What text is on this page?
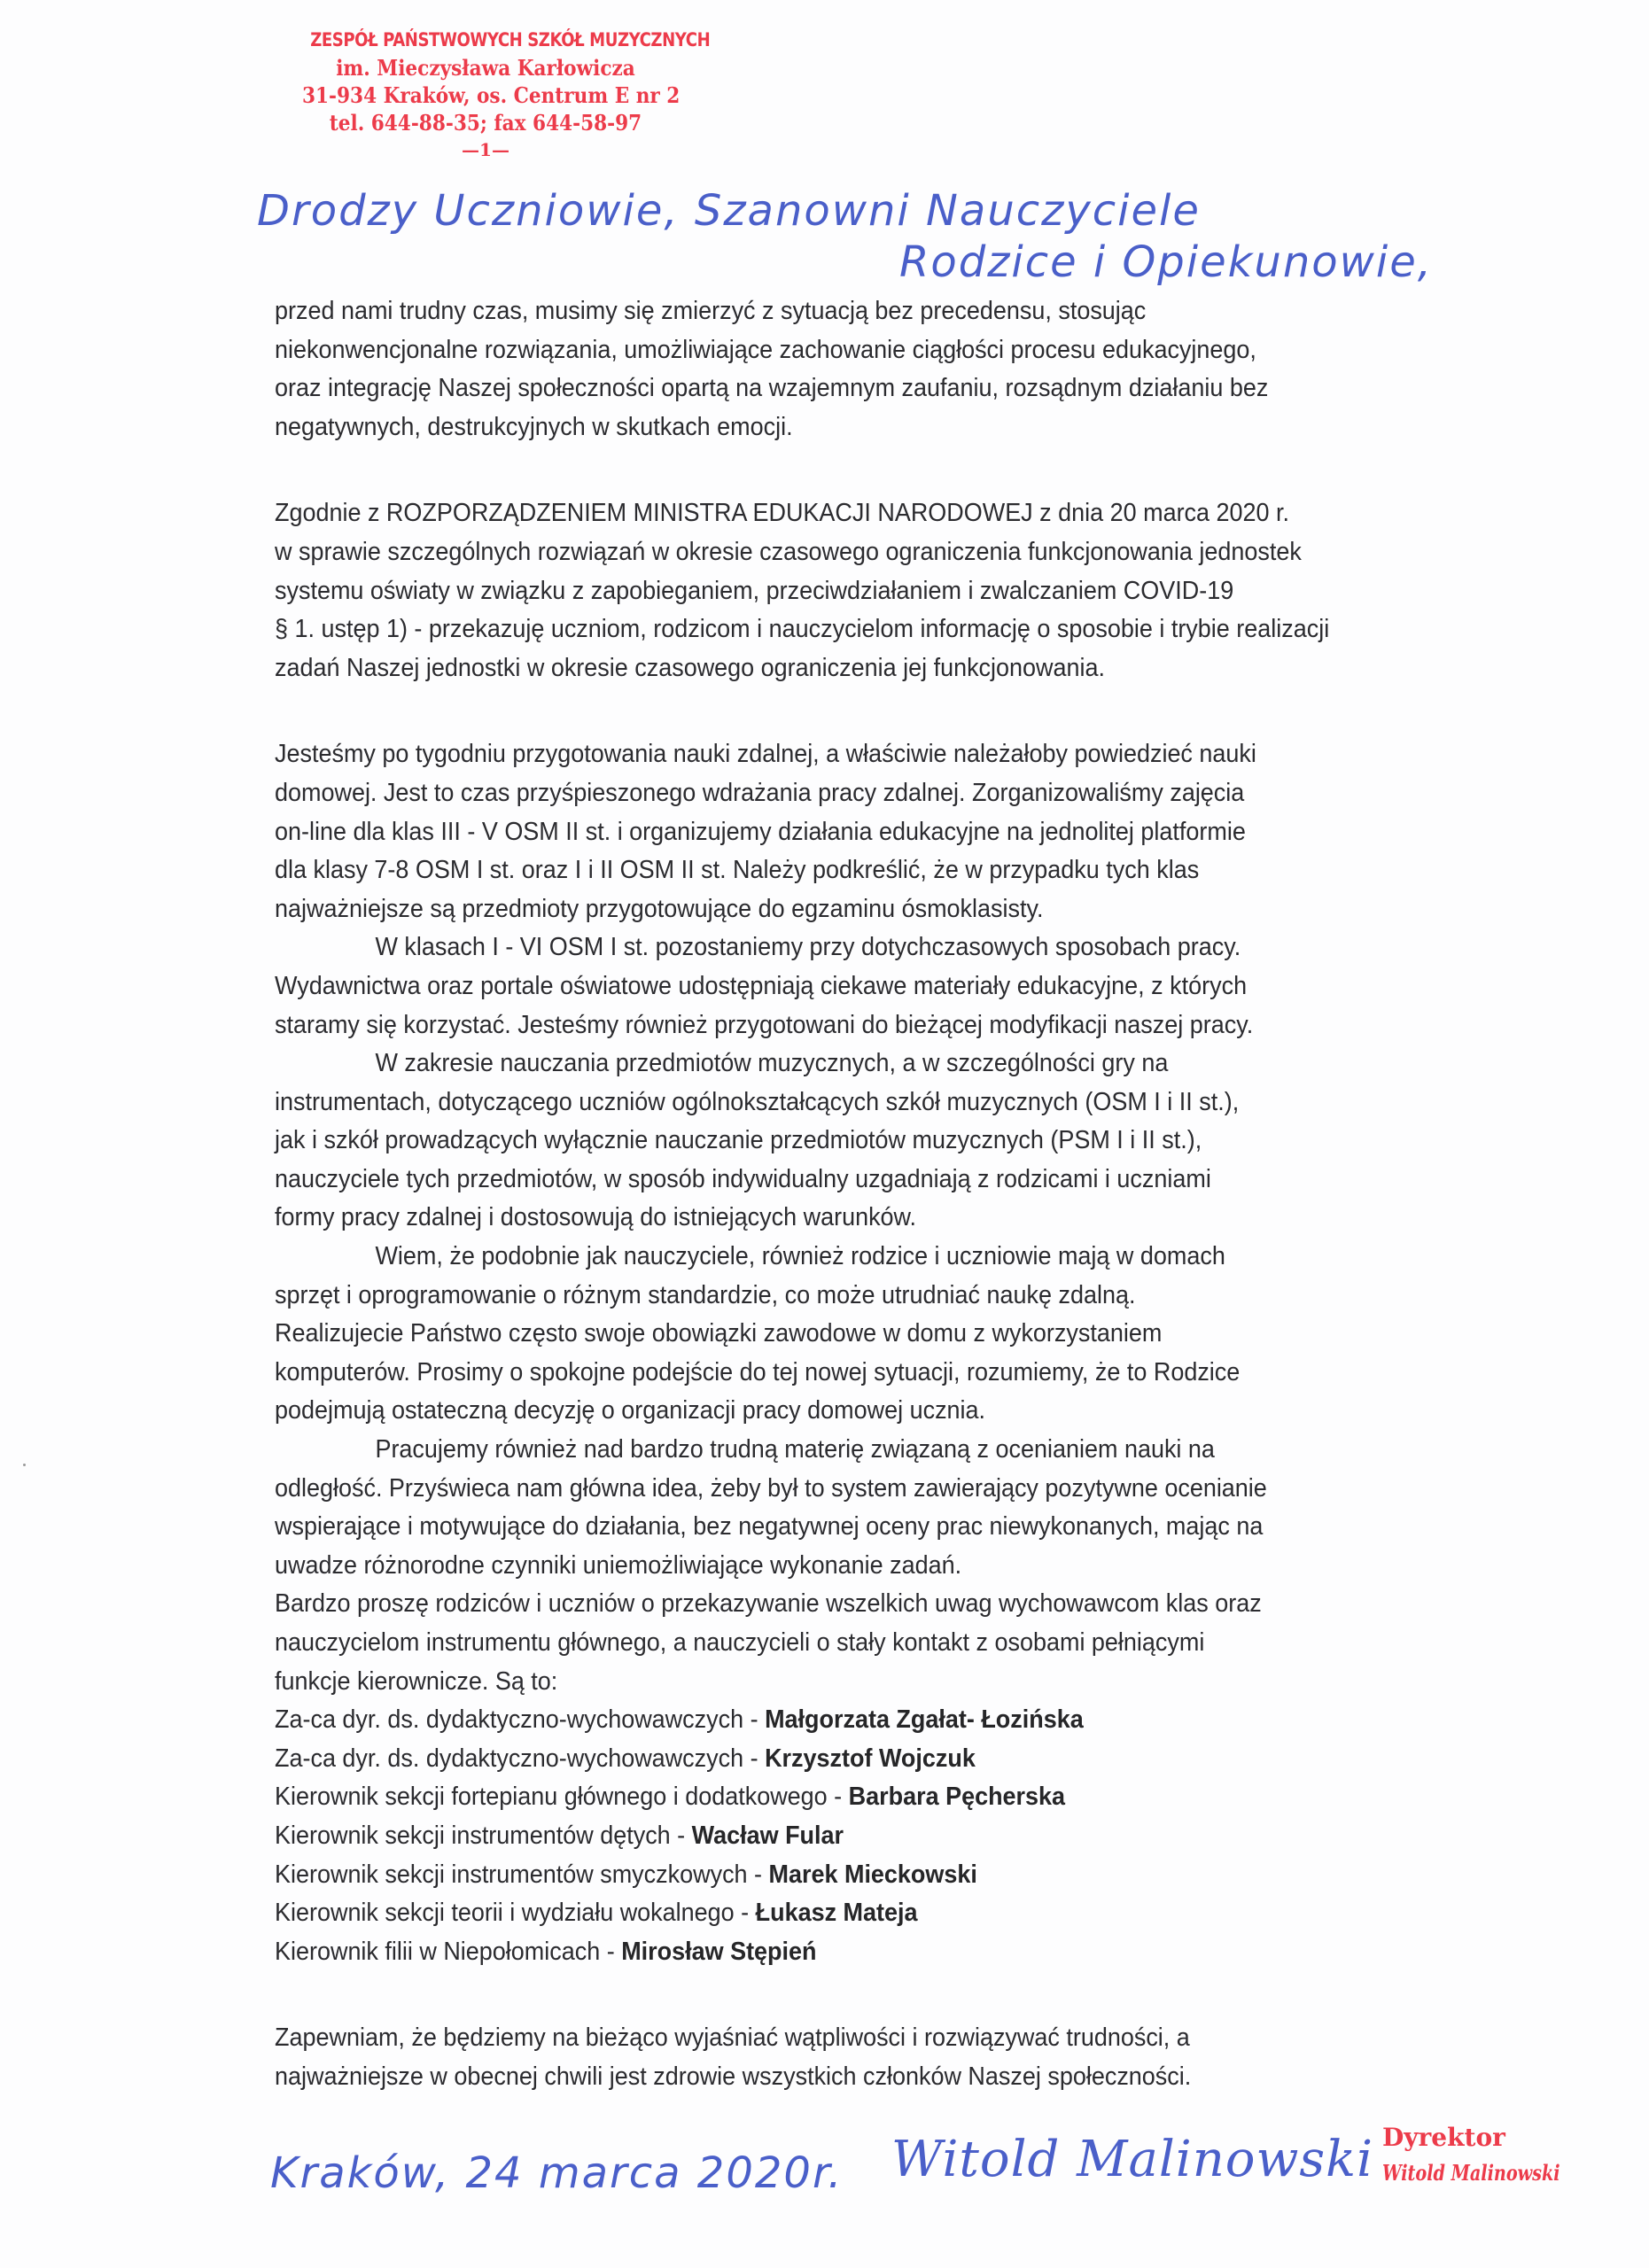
ZESPÓŁ PAŃSTWOWYCH SZKÓŁ MUZYCZNYCH
im. Mieczysława Karłowicza
31-934 Kraków, os. Centrum E nr 2
tel. 644-88-35; fax 644-58-97
—1—
Drodzy Uczniowie, Szanowni Nauczyciele
Rodzice i Opiekunowie,

przed nami trudny czas, musimy się zmierzyć z sytuacją bez precedensu, stosując

niekonwencjonalne rozwiązania, umożliwiające zachowanie ciągłości procesu edukacyjnego,

oraz integrację Naszej społeczności opartą na wzajemnym zaufaniu, rozsądnym działaniu bez

negatywnych, destrukcyjnych w skutkach emocji.

Zgodnie z ROZPORZĄDZENIEM MINISTRA EDUKACJI NARODOWEJ z dnia 20 marca 2020 r.

w sprawie szczególnych rozwiązań w okresie czasowego ograniczenia funkcjonowania jednostek

systemu oświaty w związku z zapobieganiem, przeciwdziałaniem i zwalczaniem COVID-19

§ 1. ustęp 1) - przekazuję uczniom, rodzicom i nauczycielom informację o sposobie i trybie realizacji

zadań Naszej jednostki w okresie czasowego ograniczenia jej funkcjonowania.

Jesteśmy po tygodniu przygotowania nauki zdalnej, a właściwie należałoby powiedzieć nauki

domowej. Jest to czas przyśpieszonego wdrażania pracy zdalnej. Zorganizowaliśmy zajęcia

on-line dla klas III - V OSM II st. i organizujemy działania edukacyjne na jednolitej platformie

dla klasy 7-8 OSM I st. oraz I i II OSM II st. Należy podkreślić, że w przypadku tych klas

najważniejsze są przedmioty przygotowujące do egzaminu ósmoklasisty.

W klasach I - VI OSM I st. pozostaniemy przy dotychczasowych sposobach pracy.

Wydawnictwa oraz portale oświatowe udostępniają ciekawe materiały edukacyjne, z których

staramy się korzystać. Jesteśmy również przygotowani do bieżącej modyfikacji naszej pracy.

W zakresie nauczania przedmiotów muzycznych, a w szczególności gry na

instrumentach, dotyczącego uczniów ogólnokształcących szkół muzycznych (OSM I i II st.),

jak i szkół prowadzących wyłącznie nauczanie przedmiotów muzycznych (PSM I i II st.),

nauczyciele tych przedmiotów, w sposób indywidualny uzgadniają z rodzicami i uczniami

formy pracy zdalnej i dostosowują do istniejących warunków.

Wiem, że podobnie jak nauczyciele, również rodzice i uczniowie mają w domach

sprzęt i oprogramowanie o różnym standardzie, co może utrudniać naukę zdalną.

Realizujecie Państwo często swoje obowiązki zawodowe w domu z wykorzystaniem

komputerów. Prosimy o spokojne podejście do tej nowej sytuacji, rozumiemy, że to Rodzice

podejmują ostateczną decyzję o organizacji pracy domowej ucznia.

Pracujemy również nad bardzo trudną materię związaną z ocenianiem nauki na

odległość. Przyświeca nam główna idea, żeby był to system zawierający pozytywne ocenianie

wspierające i motywujące do działania, bez negatywnej oceny prac niewykonanych, mając na

uwadze różnorodne czynniki uniemożliwiające wykonanie zadań.

Bardzo proszę rodziców i uczniów o przekazywanie wszelkich uwag wychowawcom klas oraz

nauczycielom instrumentu głównego, a nauczycieli o stały kontakt z osobami pełniącymi

funkcje kierownicze. Są to:

Za-ca dyr. ds. dydaktyczno-wychowawczych - Małgorzata Zgałat- Łozińska

Za-ca dyr. ds. dydaktyczno-wychowawczych - Krzysztof Wojczuk

Kierownik sekcji fortepianu głównego i dodatkowego - Barbara Pęcherska

Kierownik sekcji instrumentów dętych - Wacław Fular

Kierownik sekcji instrumentów smyczkowych - Marek Mieckowski

Kierownik sekcji teorii i wydziału wokalnego - Łukasz Mateja

Kierownik filii w Niepołomicach - Mirosław Stępień

Zapewniam, że będziemy na bieżąco wyjaśniać wątpliwości i rozwiązywać trudności, a

najważniejsze w obecnej chwili jest zdrowie wszystkich członków Naszej społeczności.

Kraków, 24 marca 2020r. Witold Malinowski Dyrektor
Witold Malinowski
